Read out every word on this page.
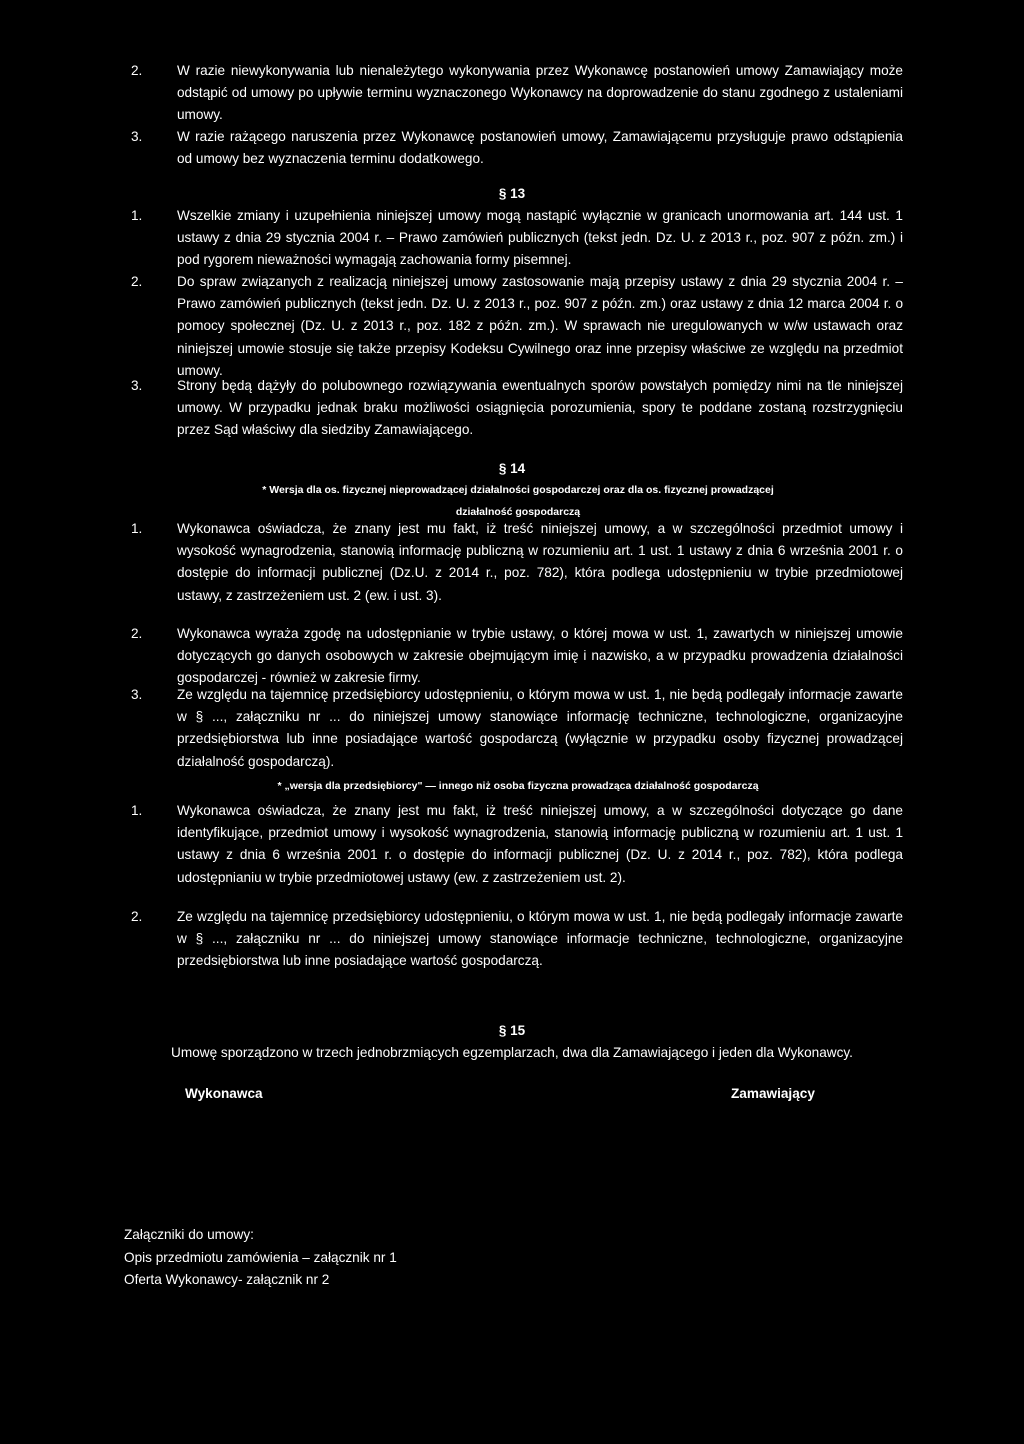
2.	W razie niewykonywania lub nienależytego wykonywania przez Wykonawcę postanowień umowy Zamawiający może odstąpić od umowy po upływie terminu wyznaczonego Wykonawcy na doprowadzenie do stanu zgodnego z ustaleniami umowy.
3.	W razie rażącego naruszenia przez Wykonawcę postanowień umowy, Zamawiającemu przysługuje prawo odstąpienia od umowy bez wyznaczenia terminu dodatkowego.
§ 13
1.	Wszelkie zmiany i uzupełnienia niniejszej umowy mogą nastąpić wyłącznie w granicach unormowania art. 144 ust. 1 ustawy z dnia 29 stycznia 2004 r. – Prawo zamówień publicznych (tekst jedn. Dz. U. z 2013 r., poz. 907 z późn. zm.) i pod rygorem nieważności wymagają zachowania formy pisemnej.
2.	Do spraw związanych z realizacją niniejszej umowy zastosowanie mają przepisy ustawy z dnia 29 stycznia 2004 r. – Prawo zamówień publicznych (tekst jedn. Dz. U. z 2013 r., poz. 907 z późn. zm.) oraz ustawy z dnia 12 marca 2004 r. o pomocy społecznej (Dz. U. z 2013 r., poz. 182 z późn. zm.). W sprawach nie uregulowanych w w/w ustawach oraz niniejszej umowie stosuje się także przepisy Kodeksu Cywilnego oraz inne przepisy właściwe ze względu na przedmiot umowy.
3.	Strony będą dążyły do polubownego rozwiązywania ewentualnych sporów powstałych pomiędzy nimi na tle niniejszej umowy. W przypadku jednak braku możliwości osiągnięcia porozumienia, spory te poddane zostaną rozstrzygnięciu przez Sąd właściwy dla siedziby Zamawiającego.
§ 14
* Wersja dla os. fizycznej nieprowadzącej działalności gospodarczej oraz dla os. fizycznej prowadzącej
działalność gospodarczą
1.	Wykonawca oświadcza, że znany jest mu fakt, iż treść niniejszej umowy, a w szczególności przedmiot umowy i wysokość wynagrodzenia, stanowią informację publiczną w rozumieniu art. 1 ust. 1 ustawy z dnia 6 września 2001 r. o dostępie do informacji publicznej (Dz.U. z 2014 r., poz. 782), która podlega udostępnieniu w trybie przedmiotowej ustawy, z zastrzeżeniem ust. 2 (ew. i ust. 3).
2.	Wykonawca wyraża zgodę na udostępnianie w trybie ustawy, o której mowa w ust. 1, zawartych w niniejszej umowie dotyczących go danych osobowych w zakresie obejmującym imię i nazwisko, a w przypadku prowadzenia działalności gospodarczej - również w zakresie firmy.
3.	Ze względu na tajemnicę przedsiębiorcy udostępnieniu, o którym mowa w ust. 1, nie będą podlegały informacje zawarte w § ..., załączniku nr ... do niniejszej umowy stanowiące informację techniczne, technologiczne, organizacyjne przedsiębiorstwa lub inne posiadające wartość gospodarczą (wyłącznie w przypadku osoby fizycznej prowadzącej działalność gospodarczą).
* „wersja dla przedsiębiorcy" — innego niż osoba fizyczna prowadząca działalność gospodarczą
1.	Wykonawca oświadcza, że znany jest mu fakt, iż treść niniejszej umowy, a w szczególności dotyczące go dane identyfikujące, przedmiot umowy i wysokość wynagrodzenia, stanowią informację publiczną w rozumieniu art. 1 ust. 1 ustawy z dnia 6 września 2001 r. o dostępie do informacji publicznej (Dz. U. z 2014 r., poz. 782), która podlega udostępnianiu w trybie przedmiotowej ustawy (ew. z zastrzeżeniem ust. 2).
2.	Ze względu na tajemnicę przedsiębiorcy udostępnieniu, o którym mowa w ust. 1, nie będą podlegały informacje zawarte w § ..., załączniku nr ... do niniejszej umowy stanowiące informacje techniczne, technologiczne, organizacyjne przedsiębiorstwa lub inne posiadające wartość gospodarczą.
§ 15
Umowę sporządzono w trzech jednobrzmiących egzemplarzach, dwa dla Zamawiającego i jeden dla Wykonawcy.
Wykonawca	Zamawiający
Załączniki do umowy:
Opis przedmiotu zamówienia – załącznik nr 1
Oferta Wykonawcy- załącznik nr 2
